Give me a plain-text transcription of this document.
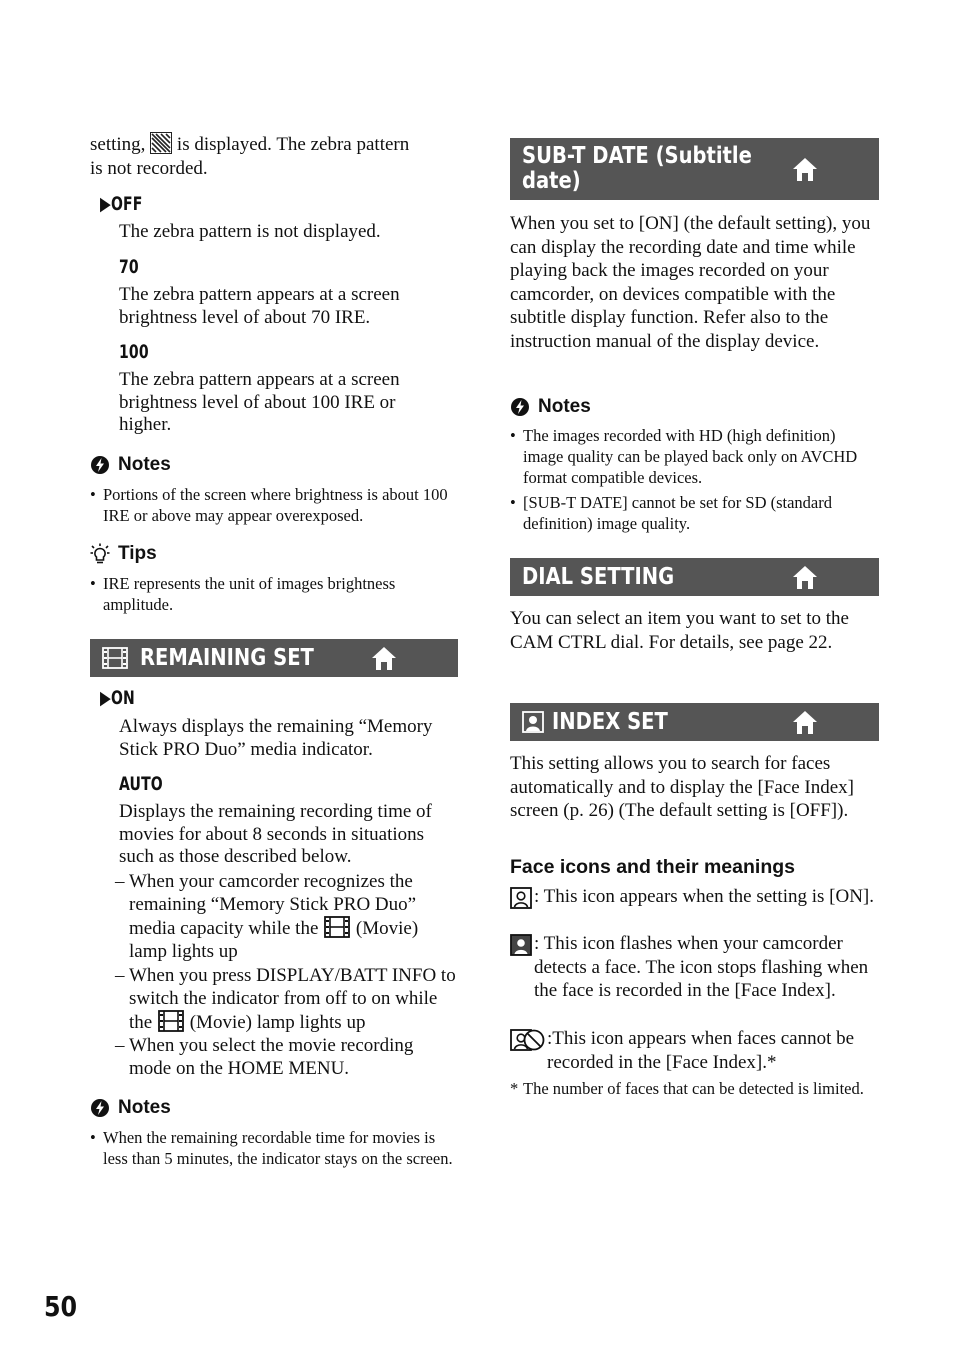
setting, is displayed. The zebra pattern
is not recorded.

▶OFF
The zebra pattern is not displayed.
70
The zebra pattern appears at a screen brightness level of about 70 IRE.
100
The zebra pattern appears at a screen brightness level of about 100 IRE or higher.
Notes
• Portions of the screen where brightness is about 100 IRE or above may appear overexposed.
Tips
• IRE represents the unit of images brightness amplitude.
REMAINING SET
▶ON
Always displays the remaining “Memory Stick PRO Duo” media indicator.
AUTO
Displays the remaining recording time of movies for about 8 seconds in situations such as those described below.
– When your camcorder recognizes the remaining “Memory Stick PRO Duo” media capacity while the (Movie) lamp lights up
– When you press DISPLAY/BATT INFO to switch the indicator from off to on while the (Movie) lamp lights up
– When you select the movie recording mode on the HOME MENU.
Notes
• When the remaining recordable time for movies is less than 5 minutes, the indicator stays on the screen.
SUB-T DATE (Subtitle
date)

When you set to [ON] (the default setting), you can display the recording date and time while playing back the images recorded on your camcorder, on devices compatible with the subtitle display function. Refer also to the instruction manual of the display device.

Notes
• The images recorded with HD (high definition) image quality can be played back only on AVCHD format compatible devices.
• [SUB-T DATE] cannot be set for SD (standard definition) image quality.
DIAL SETTING

You can select an item you want to set to the CAM CTRL dial. For details, see page 22.

INDEX SET

This setting allows you to search for faces automatically and to display the [Face Index] screen (p. 26) (The default setting is [OFF]).

Face icons and their meanings
: This icon appears when the setting is [ON].
: This icon flashes when your camcorder detects a face. The icon stops flashing when the face is recorded in the [Face Index].
:This icon appears when faces cannot be recorded in the [Face Index].*
* The number of faces that can be detected is limited.
50
